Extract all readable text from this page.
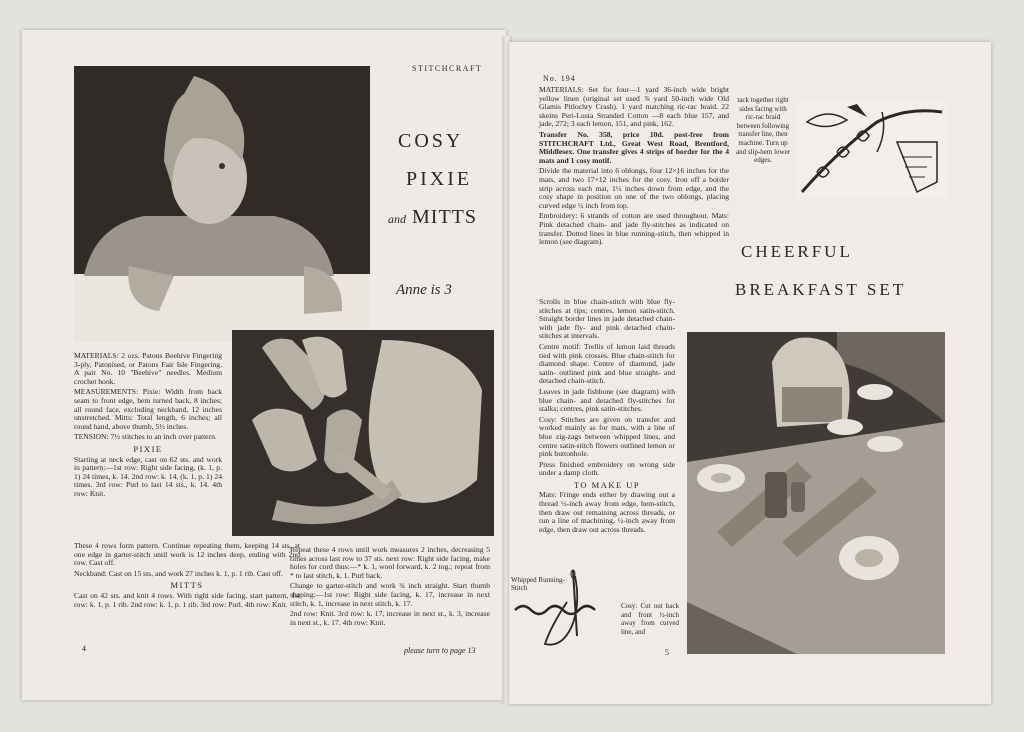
STITCHCRAFT
COSY
PIXIE
and MITTS
Anne is 3

MATERIALS: 2 ozs. Patons Beehive Fingering 3-ply, Patonised, or Patons Fair Isle Fingering. A pair No. 10 "Beehive" needles. Medium crochet hook.

MEASUREMENTS: Pixie: Width from back seam to front edge, hem turned back, 8 inches; all round face, excluding neckband, 12 inches unstretched. Mitts: Total length, 6 inches; all round hand, above thumb, 5½ inches.

TENSION: 7½ stitches to an inch over pattern.

PIXIE

Starting at neck edge, cast on 62 sts. and work in pattern:—1st row: Right side facing, (k. 1, p. 1) 24 times, k. 14. 2nd row: k. 14, (k. 1, p. 1) 24 times. 3rd row: Purl to last 14 sts., k. 14. 4th row: Knit.

These 4 rows form pattern. Continue repeating them, keeping 14 sts. at one edge in garter-stitch until work is 12 inches deep, ending with 2nd row. Cast off.

Neckband: Cast on 15 sts, and work 27 inches k. 1, p. 1 rib. Cast off.

MITTS

Cast on 42 sts. and knit 4 rows. With right side facing, start pattern, 1st row: k. 1, p. 1 rib. 2nd row: k. 1, p. 1 rib. 3rd row: Purl. 4th row: Knit.

Repeat these 4 rows until work measures 2 inches, decreasing 5 times across last row to 37 sts. next row: Right side facing, make holes for cord thus:—* k. 1, wool forward, k. 2 tog.; repeat from * to last stitch, k. 1. Purl back.

Change to garter-stitch and work ¾ inch straight. Start thumb shaping:—1st row: Right side facing, k. 17, increase in next stitch, k. 1, increase in next stitch, k. 17.

2nd row: Knit. 3rd row: k. 17, increase in next st., k. 3, increase in next st., k. 17. 4th row: Knit.

please turn to page 13
4
No. 194

MATERIALS: Set for four—1 yard 36-inch wide bright yellow linen (original set used ⅞ yard 50-inch wide Old Glamis Pitlochry Crash). 1 yard matching ric-rac braid. 22 skeins Peri-Lusta Stranded Cotton —8 each blue 157, and jade, 272; 3 each lemon, 151, and pink, 162.

Transfer No. 358, price 10d. post-free from STITCHCRAFT Ltd., Great West Road, Brentford, Middlesex. One transfer gives 4 strips of border for the 4 mats and 1 cosy motif.

Divide the material into 6 oblongs, four 12×16 inches for the mats, and two 17×12 inches for the cosy. Iron off a border strip across each mat, 1½ inches down from edge, and the cosy shape in position on one of the two oblongs, placing curved edge ½ inch from top.

Embroidery: 6 strands of cotton are used throughout. Mats: Pink detached chain- and jade fly-stitches as indicated on transfer. Dotted lines in blue running-stitch, then whipped in lemon (see diagram).

Scrolls in blue chain-stitch with blue fly-stitches at tips; centres, lemon satin-stitch. Straight border lines in jade detached chain- with jade fly- and pink detached chain-stitches at intervals.

Centre motif: Trellis of lemon laid threads tied with pink crosses. Blue chain-stitch for diamond shape. Centre of diamond, jade satin- outlined pink and blue straight- and detached chain-stitch.

Leaves in jade fishbone (see diagram) with blue chain- and detached fly-stitches for stalks; centres, pink satin-stitches.

Cosy: Stitches are given on transfer and worked mainly as for mats, with a line of blue zig-zags between whipped lines, and centre satin-stitch flowers outlined lemon or pink buttonhole.

Press finished embroidery on wrong side under a damp cloth.

TO MAKE UP

Mats: Fringe ends either by drawing out a thread ½-inch away from edge, hem-stitch, then draw out remaining across threads, or run a line of machining, ½-inch away from edge, then draw out across threads.

Cosy: Cut out back and front ½-inch away from curved line, and
tack together right sides facing with ric-rac braid between following transfer line, then machine. Turn up and slip-hem lower edges.
CHEERFUL
BREAKFAST SET
Whipped Running-Stitch
5
